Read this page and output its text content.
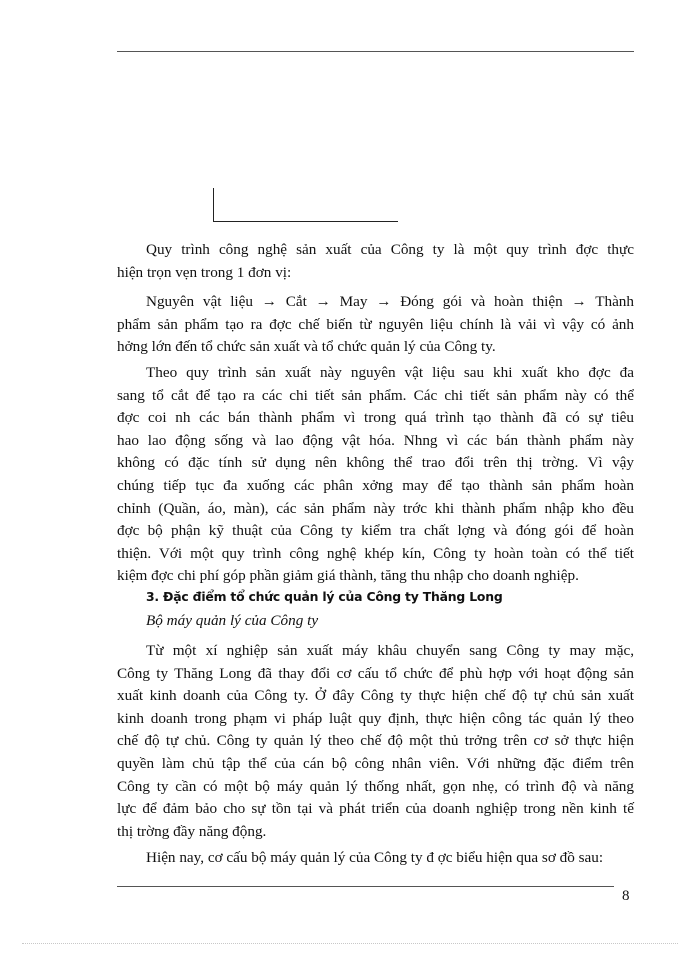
Quy trình công nghệ sản xuất của Công ty là một quy trình đợc thực
hiện trọn vẹn trong 1 đơn vị:
Nguyên vật liệu → Cắt → May → Đóng gói và hoàn thiện → Thành
phẩm sản phẩm tạo ra đợc chế biến từ nguyên liệu chính là vải vì vậy có ảnh
hởng lớn đến tổ chức sản xuất và tổ chức quản lý của Công ty.
Theo quy trình sản xuất này nguyên vật liệu sau khi xuất kho đợc đa
sang tổ cắt để tạo ra các chi tiết sản phẩm. Các chi tiết sản phẩm này có thể
đợc coi nh các bán thành phẩm vì trong quá trình tạo thành đã có sự tiêu
hao lao động sống và lao động vật hóa. Nhng vì các bán thành phẩm này
không có đặc tính sử dụng nên không thể trao đổi trên thị trờng. Vì vậy
chúng tiếp tục đa xuống các phân xởng may để tạo thành sản phẩm hoàn
chỉnh (Quần, áo, màn), các sản phẩm này trớc khi thành phẩm nhập kho đều
đợc bộ phận kỹ thuật của Công ty kiểm tra chất lợng và đóng gói để hoàn
thiện. Với một quy trình công nghệ khép kín, Công ty hoàn toàn có thể tiết
kiệm đợc chi phí góp phần giảm giá thành, tăng thu nhập cho doanh nghiệp.
3. Đặc điểm tổ chức quản lý của Công ty Thăng Long
Bộ máy quản lý của Công ty
Từ một xí nghiệp sản xuất máy khâu chuyển sang Công ty may mặc,
Công ty Thăng Long đã thay đổi cơ cấu tổ chức để phù hợp với hoạt động sản
xuất kinh doanh của Công ty. Ở đây Công ty thực hiện chế độ tự chủ sản xuất
kinh doanh trong phạm vi pháp luật quy định, thực hiện công tác quản lý theo
chế độ tự chủ. Công ty quản lý theo chế độ một thủ trởng trên cơ sở thực hiện
quyền làm chủ tập thể của cán bộ công nhân viên. Với những đặc điểm trên
Công ty cần có một bộ máy quản lý thống nhất, gọn nhẹ, có trình độ và năng
lực để đảm bảo cho sự tồn tại và phát triển của doanh nghiệp trong nền kinh tế
thị trờng đầy năng động.
Hiện nay, cơ cấu bộ máy quản lý của Công ty đ ợc biểu hiện qua sơ đồ sau:
8
